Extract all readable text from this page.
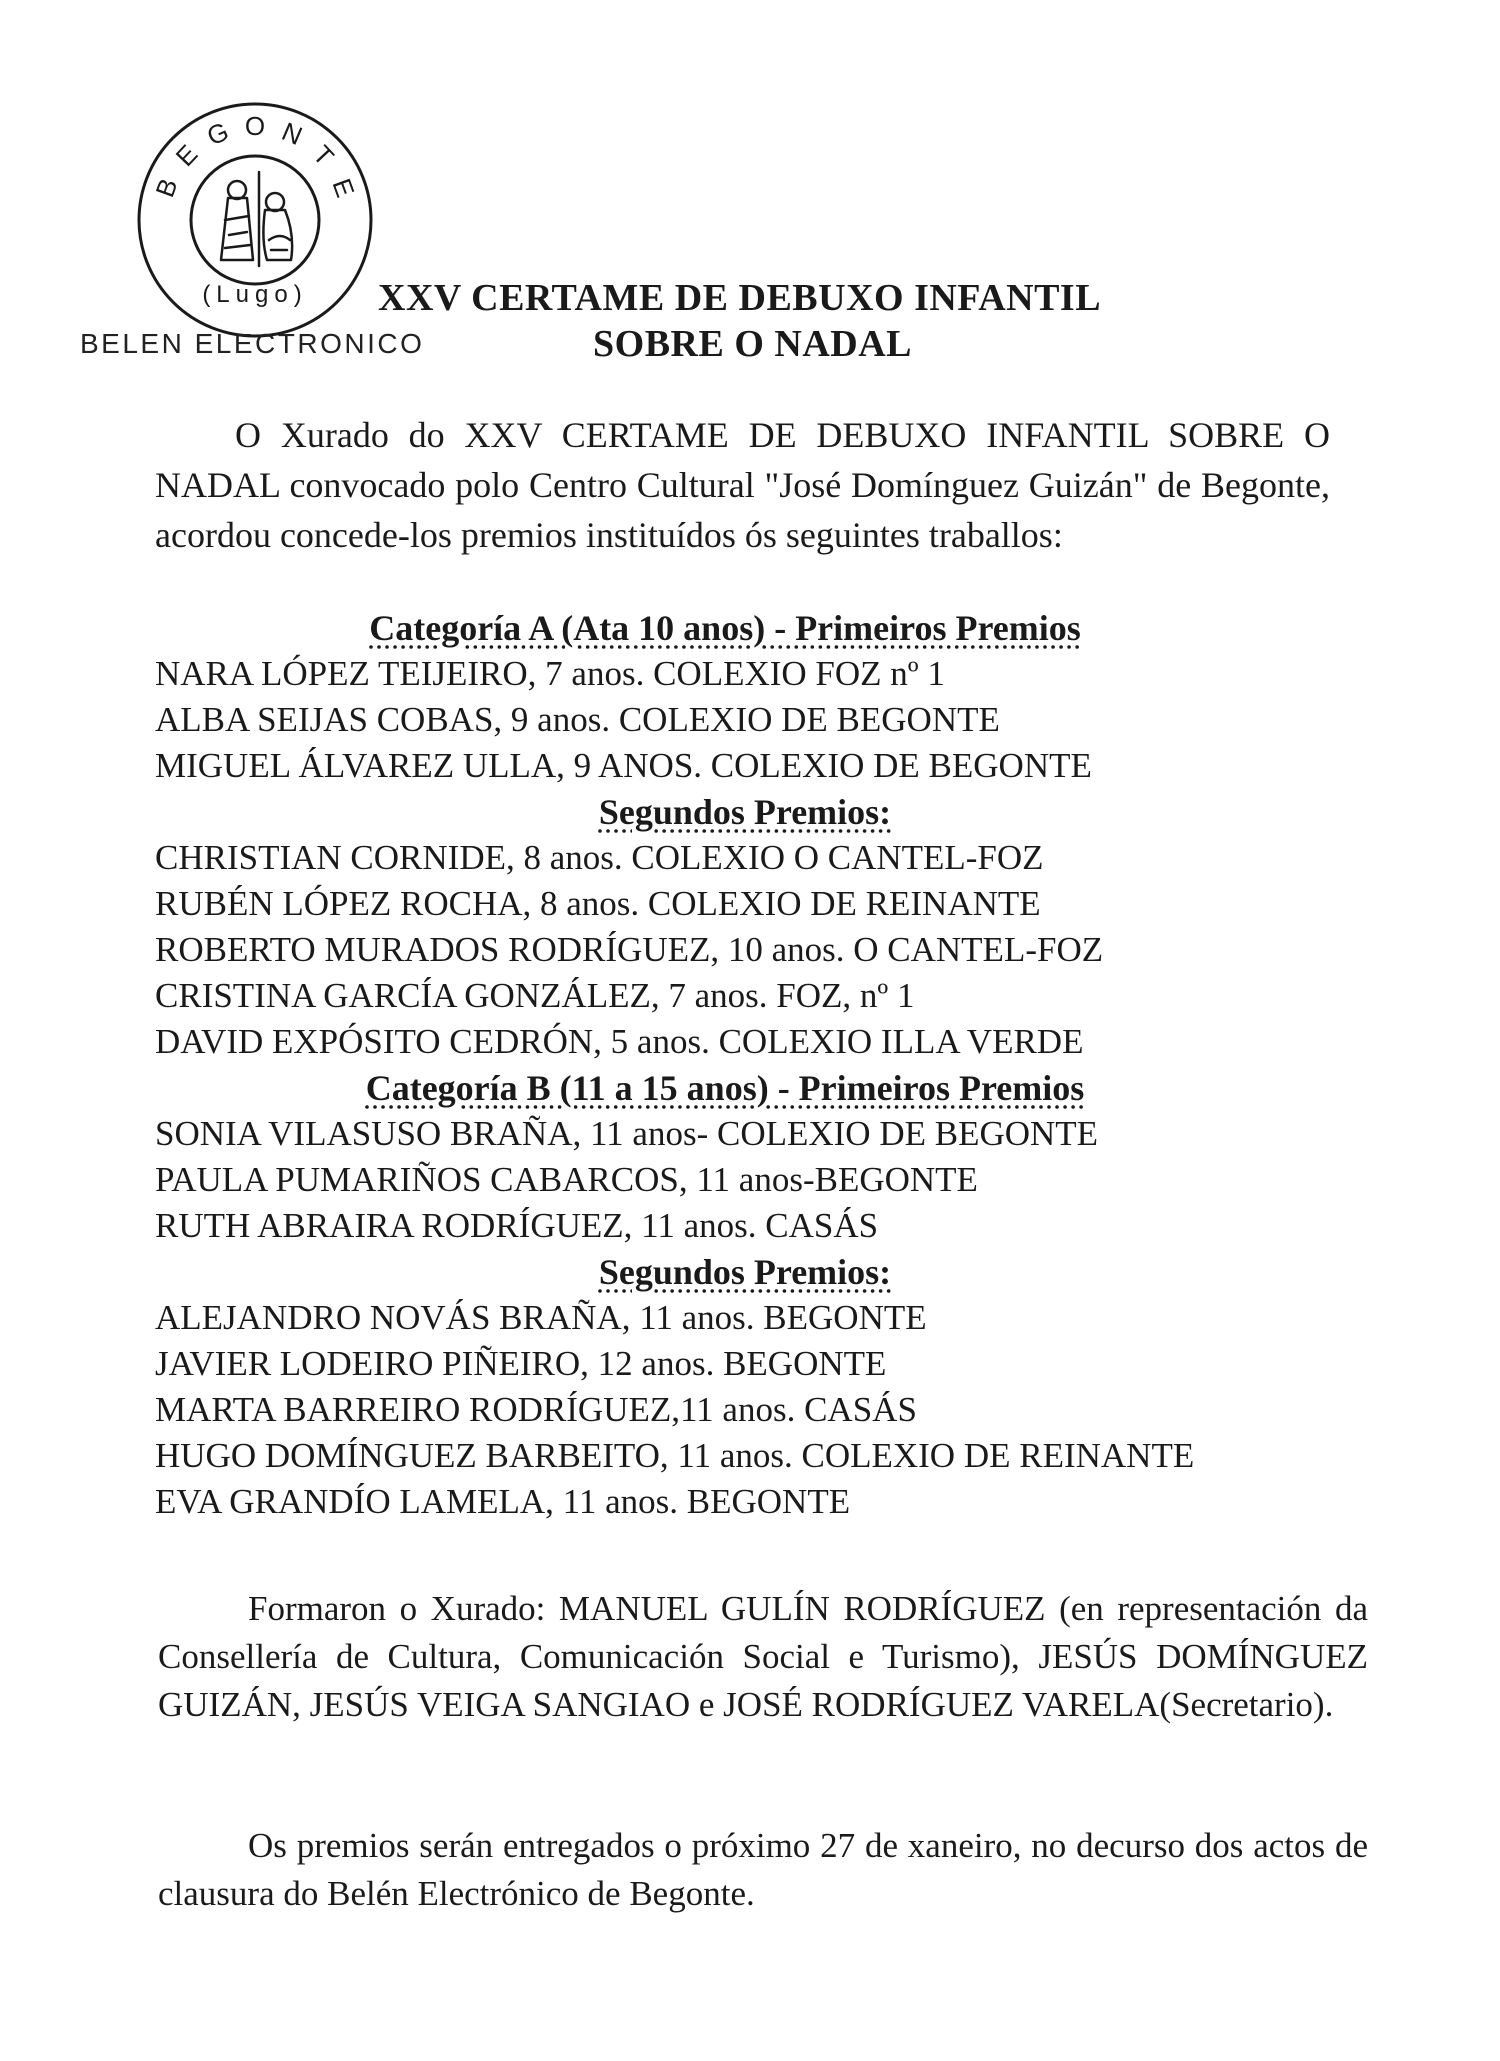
B
E
G O N
T
E
(Lugo)
BELEN ELECTRONICO
XXV CERTAME DE DEBUXO INFANTIL
SOBRE O NADAL

O Xurado do XXV CERTAME DE DEBUXO INFANTIL SOBRE O NADAL convocado polo Centro Cultural "José Domínguez Guizán" de Begonte, acordou concede-los premios instituídos ós seguintes traballos:

Categoría A (Ata 10 anos) - Primeiros Premios
NARA LÓPEZ TEIJEIRO, 7 anos. COLEXIO FOZ nº 1
ALBA SEIJAS COBAS, 9 anos. COLEXIO DE BEGONTE
MIGUEL ÁLVAREZ ULLA, 9 ANOS. COLEXIO DE BEGONTE
Segundos Premios:
CHRISTIAN CORNIDE, 8 anos. COLEXIO O CANTEL-FOZ
RUBÉN LÓPEZ ROCHA, 8 anos. COLEXIO DE REINANTE
ROBERTO MURADOS RODRÍGUEZ, 10 anos. O CANTEL-FOZ
CRISTINA GARCÍA GONZÁLEZ, 7 anos. FOZ, nº 1
DAVID EXPÓSITO CEDRÓN, 5 anos. COLEXIO ILLA VERDE
Categoría B (11 a 15 anos) - Primeiros Premios
SONIA VILASUSO BRAÑA, 11 anos- COLEXIO DE BEGONTE
PAULA PUMARIÑOS CABARCOS, 11 anos-BEGONTE
RUTH ABRAIRA RODRÍGUEZ, 11 anos. CASÁS
Segundos Premios:
ALEJANDRO NOVÁS BRAÑA, 11 anos. BEGONTE
JAVIER LODEIRO PIÑEIRO, 12 anos. BEGONTE
MARTA BARREIRO RODRÍGUEZ,11 anos. CASÁS
HUGO DOMÍNGUEZ BARBEITO, 11 anos. COLEXIO DE REINANTE
EVA GRANDÍO LAMELA, 11 anos. BEGONTE

Formaron o Xurado: MANUEL GULÍN RODRÍGUEZ (en representación da Consellería de Cultura, Comunicación Social e Turismo), JESÚS DOMÍNGUEZ GUIZÁN, JESÚS VEIGA SANGIAO e JOSÉ RODRÍGUEZ VARELA(Secretario).

Os premios serán entregados o próximo 27 de xaneiro, no decurso dos actos de clausura do Belén Electrónico de Begonte.
